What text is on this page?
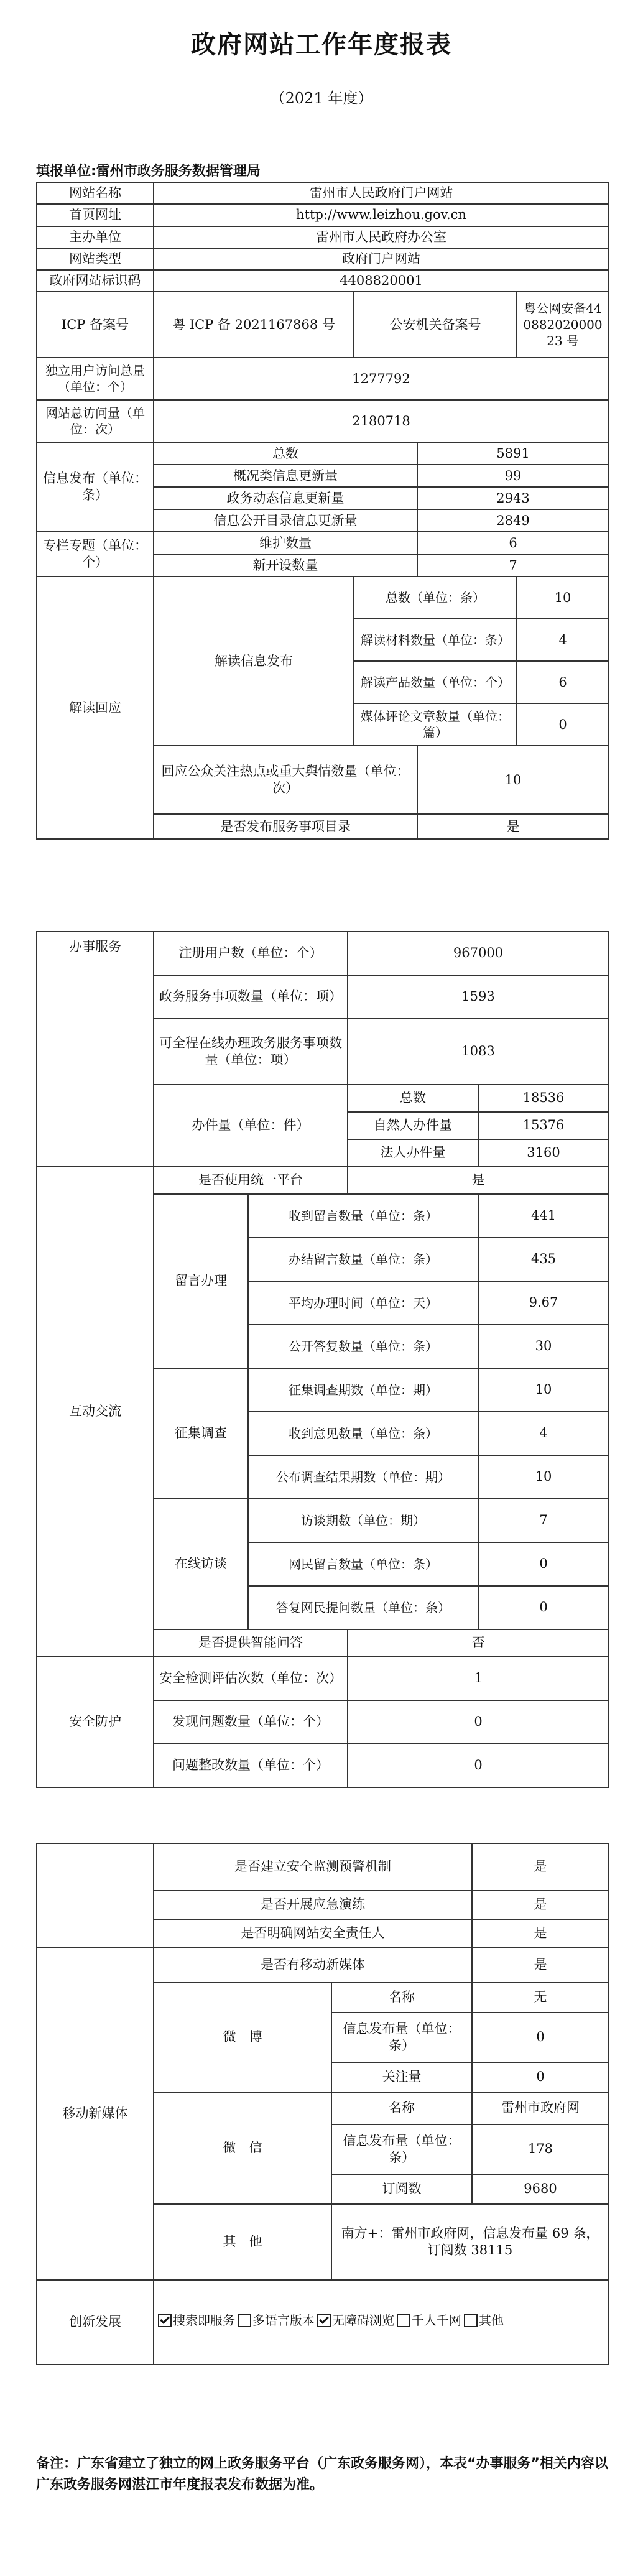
政府网站工作年度报表
（2021 年度）
填报单位:雷州市政务服务数据管理局
网站名称	雷州市人民政府门户网站			
首页网址	http://www.leizhou.gov.cn			
主办单位	雷州市人民政府办公室			
网站类型	政府门户网站			
政府网站标识码	4408820001			
ICP 备案号	粤 ICP 备 2021167868 号	公安机关备案号		粤公网安备44088202000023 号
独立用户访问总量（单位：个）	1277792			
网站总访问量（单位：次）	2180718			
信息发布（单位：条）	总数		5891	
	概况类信息更新量		99	
	政务动态信息更新量		2943	
	信息公开目录信息更新量		2849	
专栏专题（单位：个）	维护数量		6	
	新开设数量		7	
解读回应	解读信息发布	总数（单位：条）		10
		解读材料数量（单位：条）		4
		解读产品数量（单位：个）		6
		媒体评论文章数量（单位：篇）		0
	回应公众关注热点或重大舆情数量（单位：次）		10	
	是否发布服务事项目录		是	
办事服务	注册用户数（单位：个）		967000	
	政务服务事项数量（单位：项）		1593	
	可全程在线办理政务服务事项数量（单位：项）		1083	
	办件量（单位：件）		总数	18536
			自然人办件量	15376
			法人办件量	3160
互动交流	是否使用统一平台		是	
	留言办理	收到留言数量（单位：条）		441
		办结留言数量（单位：条）		435
		平均办理时间（单位：天）		9.67
		公开答复数量（单位：条）		30
	征集调查	征集调查期数（单位：期）		10
		收到意见数量（单位：条）		4
		公布调查结果期数（单位：期）		10
	在线访谈	访谈期数（单位：期）		7
		网民留言数量（单位：条）		0
		答复网民提问数量（单位：条）		0
	是否提供智能问答		否	
安全防护	安全检测评估次数（单位：次）		1	
	发现问题数量（单位：个）		0	
	问题整改数量（单位：个）		0	
	是否建立安全监测预警机制		是
	是否开展应急演练		是
	是否明确网站安全责任人		是
移动新媒体	是否有移动新媒体		是
	微　博	名称	无
		信息发布量（单位：条）	0
		关注量	0
	微　信	名称	雷州市政府网
		信息发布量（单位：条）	178
		订阅数	9680
	其　他	南方+：雷州市政府网，信息发布量 69 条，订阅数 38115	
创新发展	搜索即服务 多语言版本 无障碍浏览 千人千网 其他		
备注：广东省建立了独立的网上政务服务平台（广东政务服务网），本表“办事服务”相关内容以广东政务服务网湛江市年度报表发布数据为准。
